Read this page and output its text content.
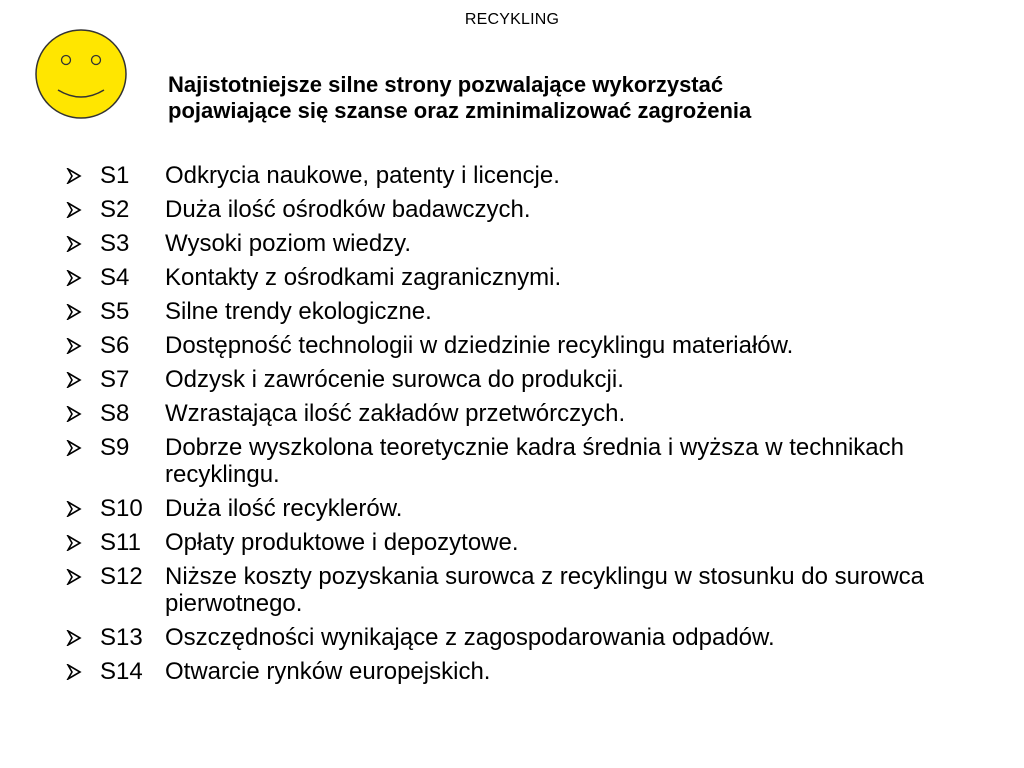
RECYKLING
Najistotniejsze silne strony pozwalające wykorzystać
pojawiające się szanse oraz zminimalizować zagrożenia
S1 Odkrycia naukowe, patenty i licencje.
S2 Duża ilość ośrodków badawczych.
S3 Wysoki poziom wiedzy.
S4 Kontakty z ośrodkami zagranicznymi.
S5 Silne trendy ekologiczne.
S6 Dostępność technologii w dziedzinie recyklingu materiałów.
S7 Odzysk i zawrócenie surowca do produkcji.
S8 Wzrastająca ilość zakładów przetwórczych.
S9 Dobrze wyszkolona teoretycznie kadra średnia i wyższa w technikach recyklingu.
S10 Duża ilość recyklerów.
S11 Opłaty produktowe i depozytowe.
S12 Niższe koszty pozyskania surowca z recyklingu w stosunku do surowca pierwotnego.
S13 Oszczędności wynikające z zagospodarowania odpadów.
S14 Otwarcie rynków europejskich.
